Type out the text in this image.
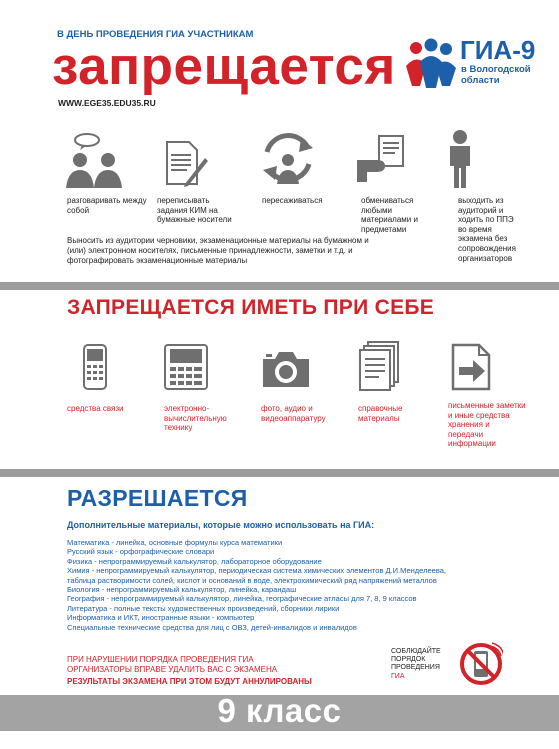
В ДЕНЬ ПРОВЕДЕНИЯ ГИА УЧАСТНИКАМ
запрещается
WWW.EGE35.EDU35.RU
ГИА-9
в Вологодской
области
разговаривать между собой
переписывать задания КИМ на бумажные носители
пересаживаться	обмениваться любыми материалами и предметами
выходить из аудиторий и ходить по ППЭ во время экзамена без сопровождения организаторов
Выносить из аудитории черновики, экзаменационные материалы на бумажном и (или) электронном носителях, письменные принадлежности, заметки и т.д. и фотографировать экзаменационные материалы
ЗАПРЕЩАЕТСЯ ИМЕТЬ ПРИ СЕБЕ
средства связи	электронно-вычислительную технику
фото, аудио и видеоаппаратуру
справочные материалы
письменные заметки и иные средства хранения и передачи информации
РАЗРЕШАЕТСЯ
Дополнительные материалы, которые можно использовать на ГИА:
Математика - линейка, основные формулы курса математики
Русский язык - орфографические словари
Физика - непрограммируемый калькулятор, лабораторное оборудование
Химия - непрограммируемый калькулятор, периодическая система химических элементов Д.И.Менделеева,
таблица растворимости солей, кислот и оснований в воде, электрохимический ряд напряжений металлов
Биология - непрограммируемый калькулятор, линейка, карандаш
География - непрограммируемый калькулятор, линейка, географические атласы для 7, 8, 9 классов
Литература - полные тексты художественных произведений, сборники лирики
Информатика и ИКТ, иностранные языки - компьютер
Специальные технические средства для лиц с ОВЗ, детей-инвалидов и инвалидов
ПРИ НАРУШЕНИИ ПОРЯДКА ПРОВЕДЕНИЯ ГИА
ОРГАНИЗАТОРЫ ВПРАВЕ УДАЛИТЬ ВАС С ЭКЗАМЕНА
РЕЗУЛЬТАТЫ ЭКЗАМЕНА ПРИ ЭТОМ БУДУТ АННУЛИРОВАНЫ
СОБЛЮДАЙТЕ
ПОРЯДОК
ПРОВЕДЕНИЯ
ГИА
9 класс
